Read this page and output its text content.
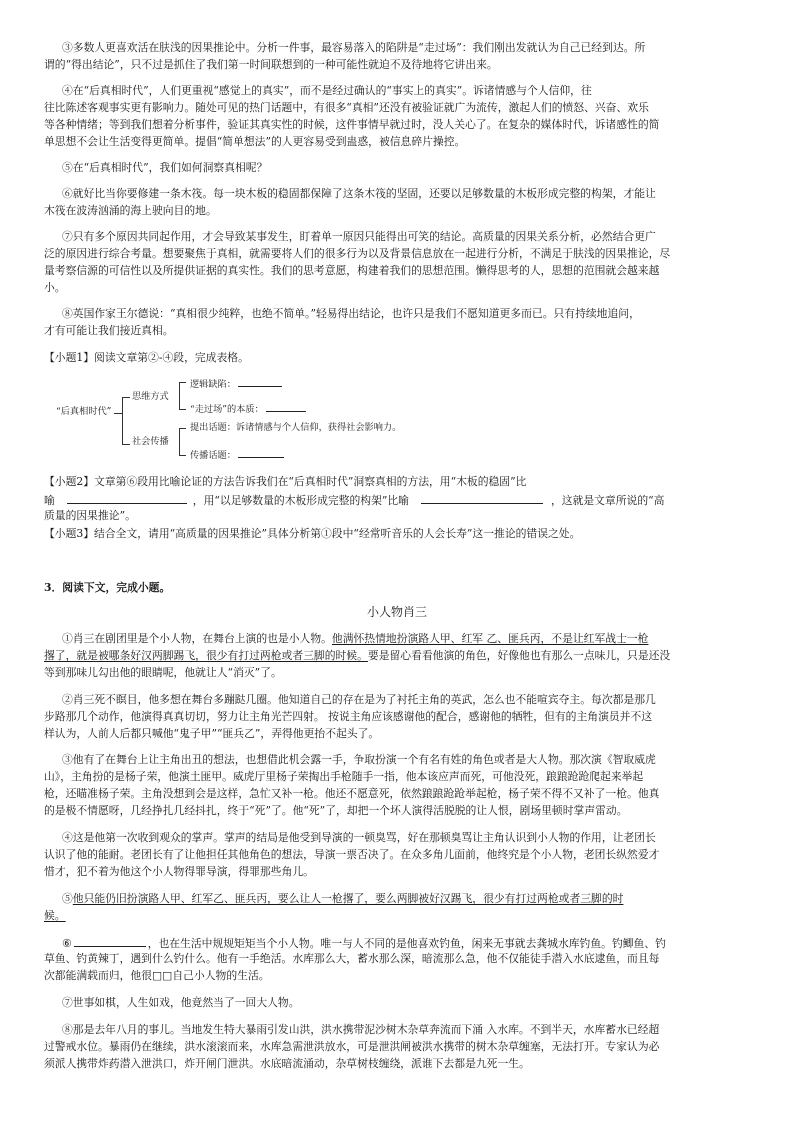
③多数人更喜欢活在肤浅的因果推论中。分析一件事，最容易落入的陷阱是“走过场”：我们刚出发就认为自己已经到达。所
谓的“得出结论”，只不过是抓住了我们第一时间联想到的一种可能性就迫不及待地将它讲出来。
④在“后真相时代”，人们更重视“感觉上的真实”，而不是经过确认的“事实上的真实”。诉诸情感与个人信仰，往
往比陈述客观事实更有影响力。随处可见的热门话题中，有很多“真相”还没有被验证就广为流传，激起人们的愤怒、兴奋、欢乐
等各种情绪；等到我们想着分析事件，验证其真实性的时候，这件事情早就过时，没人关心了。在复杂的媒体时代，诉诸感性的简
单思想不会让生活变得更简单。提倡“简单想法”的人更容易受到蛊惑，被信息碎片操控。
⑤在“后真相时代”，我们如何洞察真相呢？
⑥就好比当你要修建一条木筏。每一块木板的稳固都保障了这条木筏的坚固，还要以足够数量的木板形成完整的构架，才能让
木筏在波涛汹涌的海上驶向目的地。
⑦只有多个原因共同起作用，才会导致某事发生，盯着单一原因只能得出可笑的结论。高质量的因果关系分析，必然结合更广
泛的原因进行综合考量。想要聚焦于真相，就需要将人们的很多行为以及背景信息放在一起进行分析，不满足于肤浅的因果推论，尽
量考察信源的可信性以及所提供证据的真实性。我们的思考意愿，构建着我们的思想范围。懒得思考的人，思想的范围就会越来越
小。
⑧英国作家王尔德说：“真相很少纯粹，也绝不简单。”轻易得出结论，也许只是我们不愿知道更多而已。只有持续地追问，
才有可能让我们接近真相。
【小题1】阅读文章第②-④段，完成表格。
“后真相时代”
思维方式
社会传播
逻辑缺陷：
“走过场”的本质：
提出话题：诉诸情感与个人信仰，获得社会影响力。
传播话题：
【小题2】文章第⑥段用比喻论证的方法告诉我们在“后真相时代”洞察真相的方法，用“木板的稳固”比
喻	，用“以足够数量的木板形成完整的构架”比喻	，这就是文章所说的“高
质量的因果推论”。
【小题3】结合全文，请用“高质量的因果推论”具体分析第①段中“经常听音乐的人会长寿”这一推论的错误之处。
3．阅读下文，完成小题。
小人物肖三
①肖三在剧团里是个小人物，在舞台上演的也是小人物。他满怀热情地扮演路人甲、红军 乙、匪兵丙，不是让红军战士一枪
撂了，就是被哪条好汉两脚踢飞，很少有打过两枪或者三脚的时候。要是留心看看他演的角色，好像他也有那么一点味儿，只是还没
等到那味儿勾出他的眼睛呢，他就让人“消灭”了。
②肖三死不瞑目，他多想在舞台多蹦跶几圈。他知道自己的存在是为了衬托主角的英武，怎么也不能喧宾夺主。每次都是那几
步路那几个动作，他演得真真切切，努力让主角光芒四射。 按说主角应该感谢他的配合，感谢他的牺牲，但有的主角演员并不这
样认为，人前人后都只喊他“鬼子甲”“匪兵乙”，弄得他更抬不起头了。
③他有了在舞台上让主角出丑的想法，也想借此机会露一手，争取扮演一个有名有姓的角色或者是大人物。那次演《智取威虎
山》，主角扮的是杨子荣，他演土匪甲。威虎厅里杨子荣掏出手枪随手一指，他本该应声而死，可他没死，踉踉跄跄爬起来举起
枪，还瞄准杨子荣。主角没想到会是这样，急忙又补一枪。他还不愿意死，依然踉踉跄跄举起枪，杨子荣不得不又补了一枪。他真
的是极不情愿呀，几经挣扎几经抖扎，终于“死”了。他“死”了，却把一个坏人演得活脱脱的让人恨，剧场里顿时掌声雷动。
④这是他第一次收到观众的掌声。掌声的结局是他受到导演的一顿臭骂，好在那顿臭骂让主角认识到小人物的作用，让老团长
认识了他的能耐。老团长有了让他担任其他角色的想法，导演一票否决了。在众多角儿面前，他终究是个小人物，老团长纵然爱才
惜才，犯不着为他这个小人物得罪导演，得罪那些角儿。
⑤他只能仍旧扮演路人甲、红军乙、匪兵丙，要么让人一枪撂了，要么两脚被好汉踢飞，很少有打过两枪或者三脚的时
候。
⑥	，也在生活中规规矩矩当个小人物。唯一与人不同的是他喜欢钓鱼，闲来无事就去龚城水库钓鱼。钓鲫鱼、钓
草鱼、钓黄辣丁，遇到什么钓什么。他有一手绝活。水库那么大，蓄水那么深，暗流那么急，他不仅能徒手潜入水底逮鱼，而且每
次都能满载而归，他很□□自己小人物的生活。
⑦世事如棋，人生如戏，他竟然当了一回大人物。
⑧那是去年八月的事儿。当地发生特大暴雨引发山洪，洪水携带泥沙树木杂草奔流而下涌 入水库。不到半天，水库蓄水已经超
过警戒水位。暴雨仍在继续，洪水滚滚而来，水库急需泄洪放水，可是泄洪闸被洪水携带的树木杂草缠塞，无法打开。专家认为必
须派人携带炸药潜入泄洪口，炸开闸门泄洪。水底暗流涌动，杂草树枝缠绕，派谁下去都是九死一生。
